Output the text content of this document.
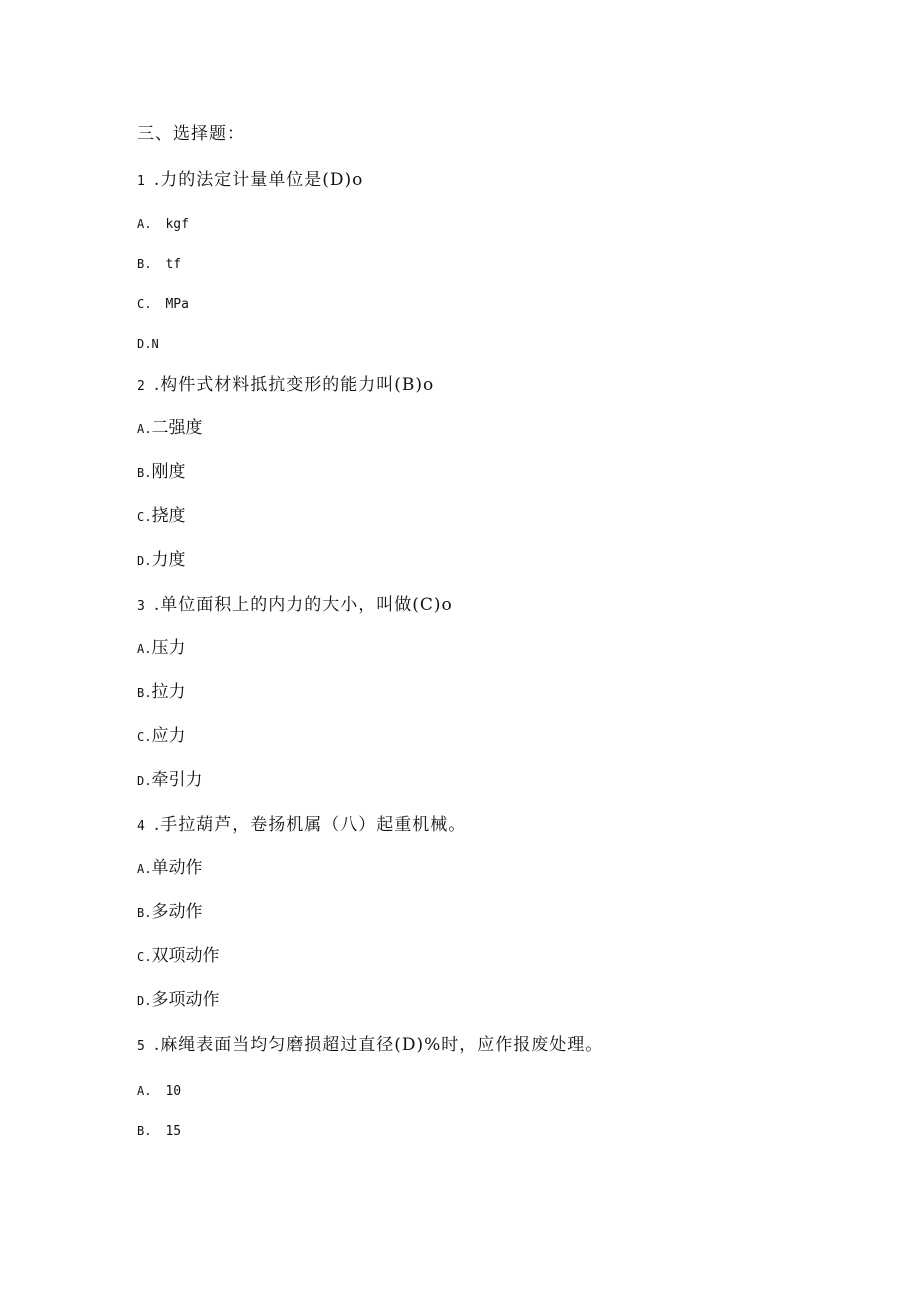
三、选择题：
1 .力的法定计量单位是(D)o
A. kgf
B. tf
C. MPa
D.N
2 .构件式材料抵抗变形的能力叫(B)o
A.二强度
B.刚度
C.挠度
D.力度
3 .单位面积上的内力的大小，叫做(C)o
A.压力
B.拉力
C.应力
D.牵引力
4 .手拉葫芦，卷扬机属（八）起重机械。
A.单动作
B.多动作
C.双项动作
D.多项动作
5 .麻绳表面当均匀磨损超过直径(D)%时，应作报废处理。
A. 10
B. 15
